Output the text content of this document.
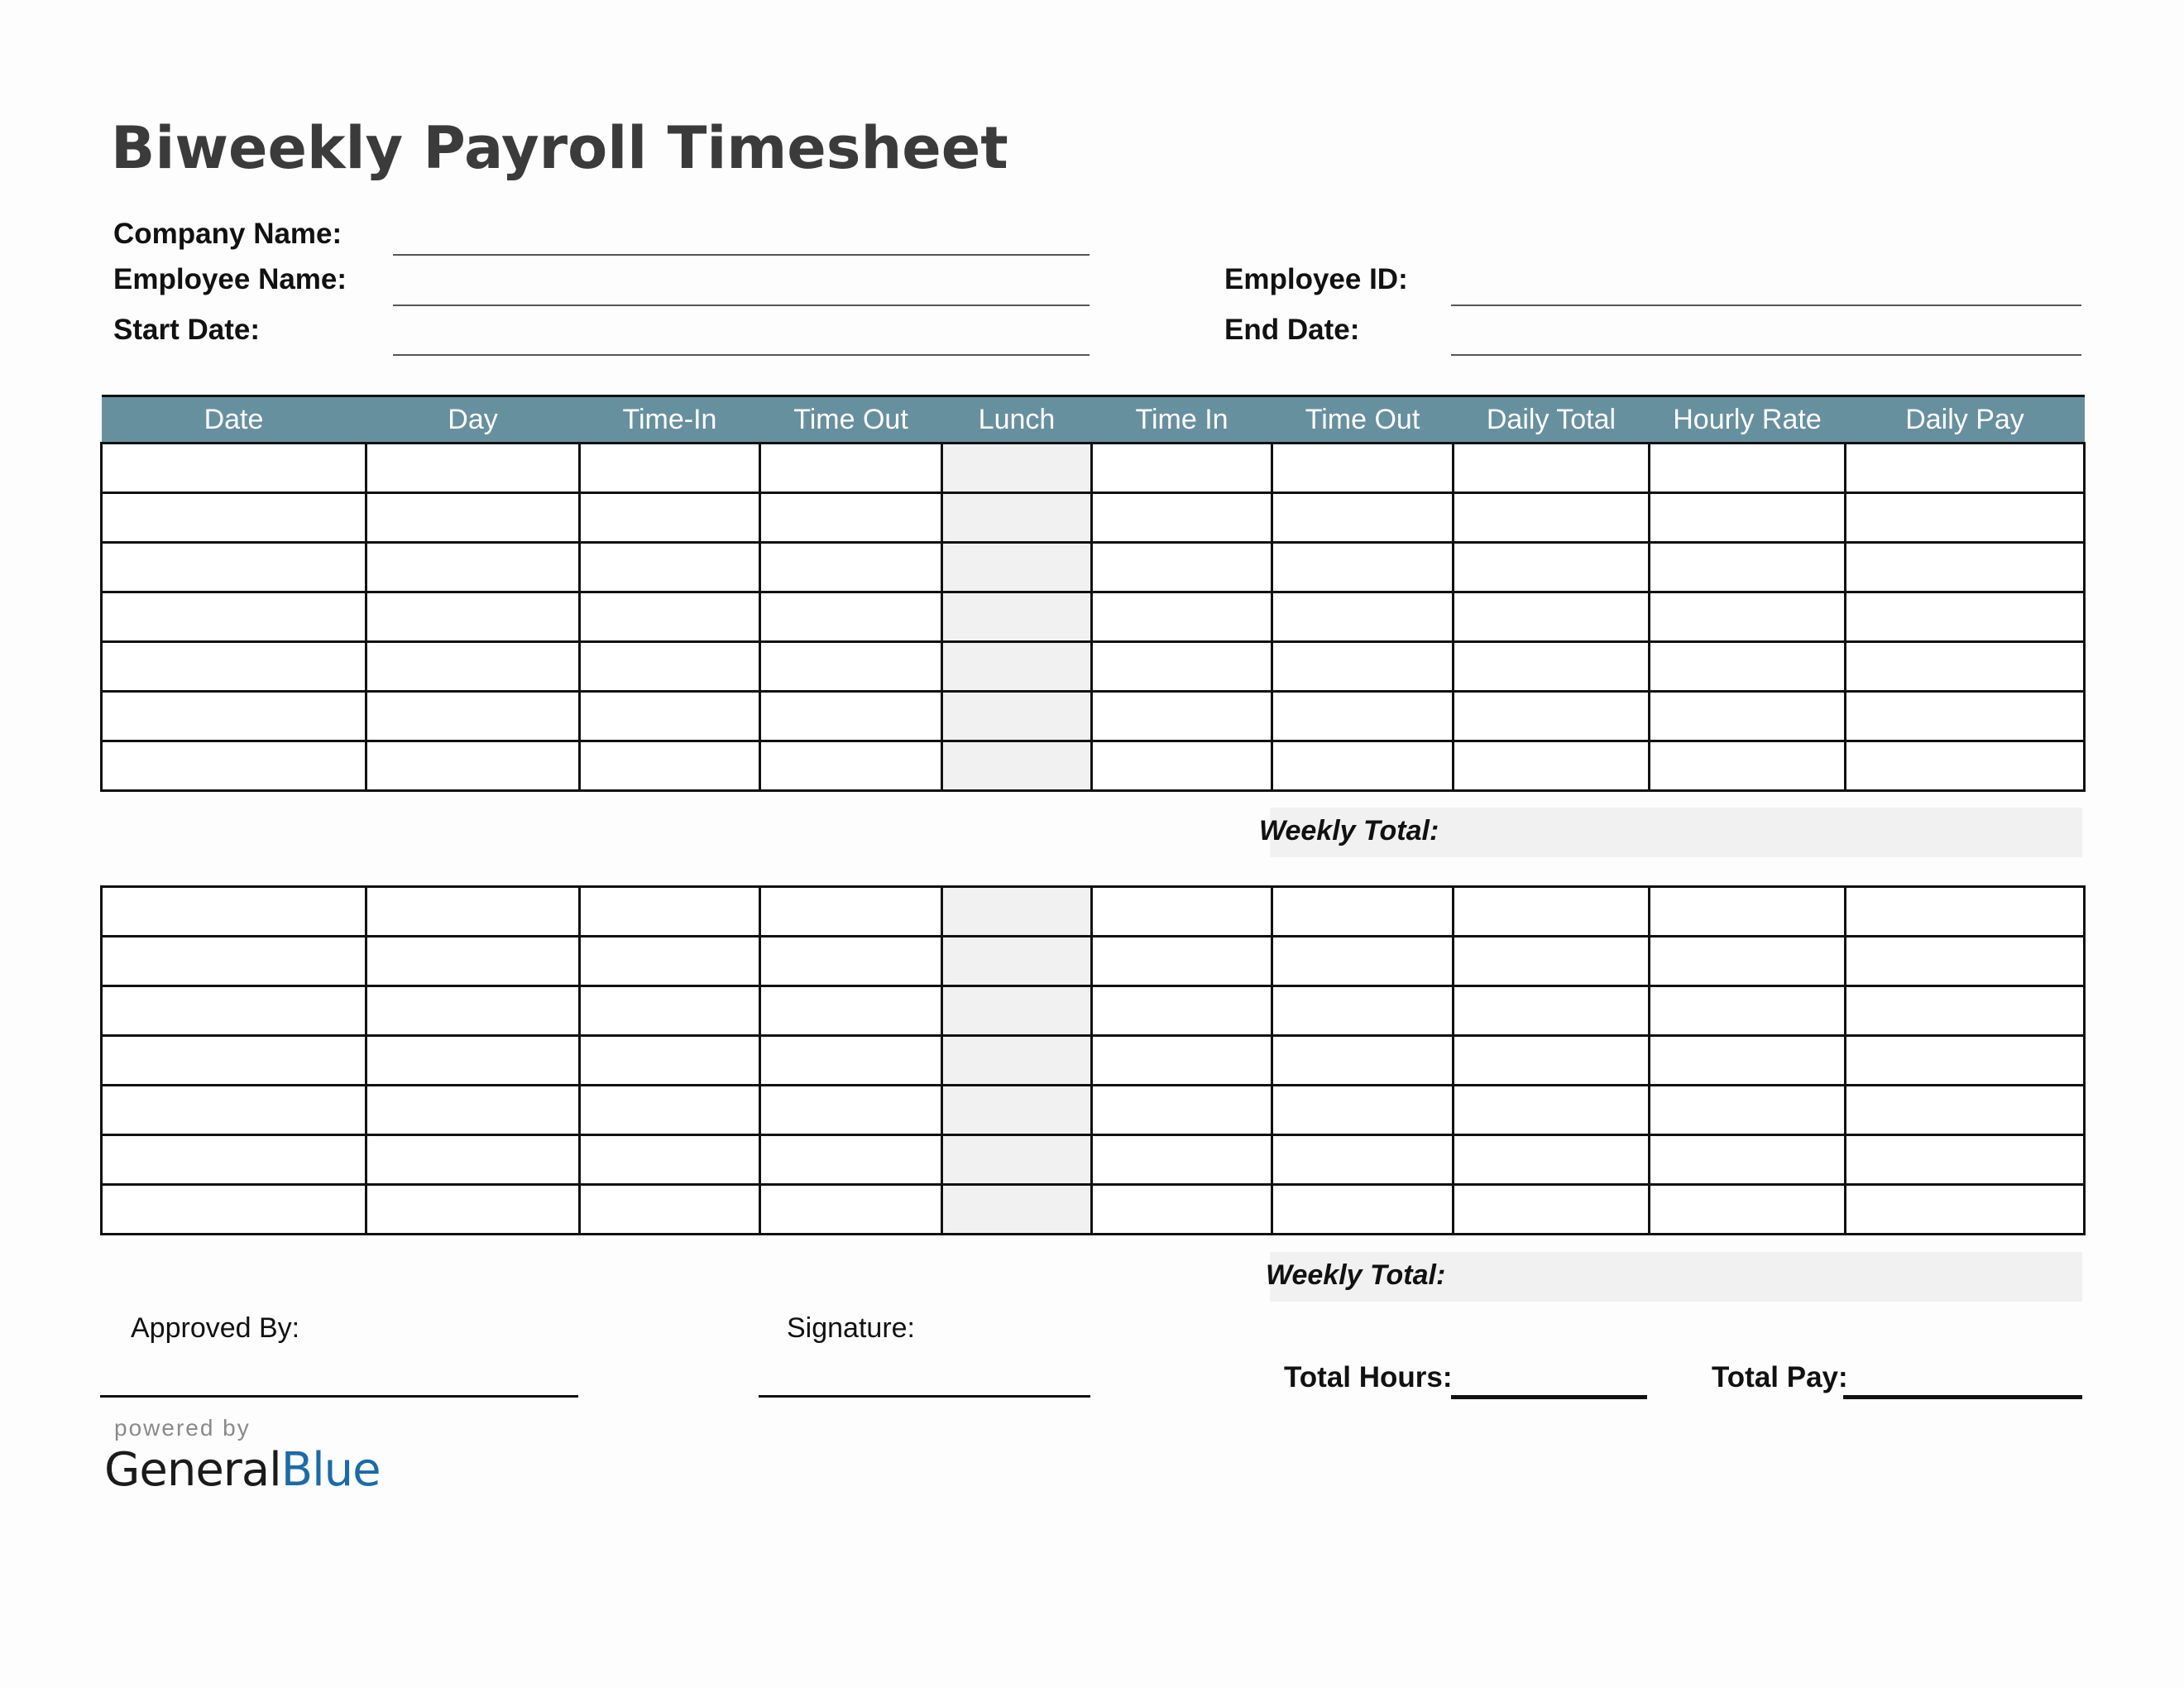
Biweekly Payroll Timesheet
Company Name:
Employee Name:
Start Date:
Employee ID:
End Date:
Date	Day	Time-In	Time Out	Lunch	Time In	Time Out	Daily Total	Hourly Rate	Daily Pay

Weekly Total:

Weekly Total:
Approved By:	Signature:
Total Hours:	Total Pay:
powered by
GeneralBlue
